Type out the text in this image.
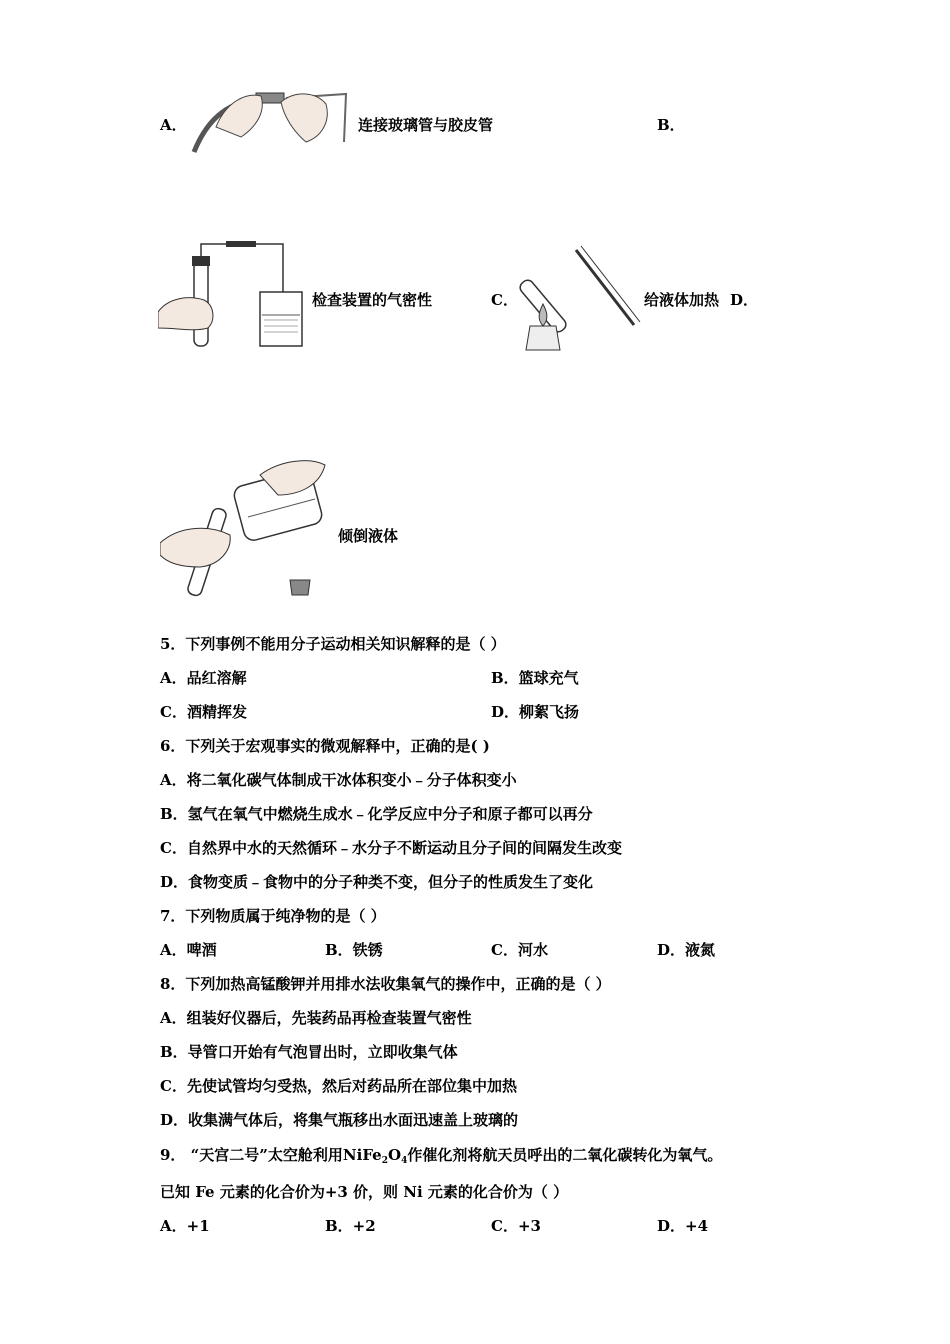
A．	连接玻璃管与胶皮管	B．
检查装置的气密性	C．	给液体加热 D．
倾倒液体
5．下列事例不能用分子运动相关知识解释的是（ ）
A．品红溶解	B．篮球充气
C．酒精挥发	D．柳絮飞扬
6．下列关于宏观事实的微观解释中，正确的是( )
A．将二氧化碳气体制成干冰体积变小﹣分子体积变小
B．氢气在氧气中燃烧生成水﹣化学反应中分子和原子都可以再分
C．自然界中水的天然循环﹣水分子不断运动且分子间的间隔发生改变
D．食物变质﹣食物中的分子种类不变，但分子的性质发生了变化
7．下列物质属于纯净物的是（ ）
A．啤酒	B．铁锈	C．河水	D．液氮
8．下列加热高锰酸钾并用排水法收集氧气的操作中，正确的是（ ）
A．组装好仪器后，先装药品再检查装置气密性
B．导管口开始有气泡冒出时，立即收集气体
C．先使试管均匀受热，然后对药品所在部位集中加热
D．收集满气体后，将集气瓶移出水面迅速盖上玻璃的
9． “天宫二号”太空舱利用$NiFe_2O_4$作催化剂将航天员呼出的二氧化碳转化为氧气。
已知 Fe 元素的化合价为+3 价，则 Ni 元素的化合价为（ ）
A．+1	B．+2	C．+3	D．+4
